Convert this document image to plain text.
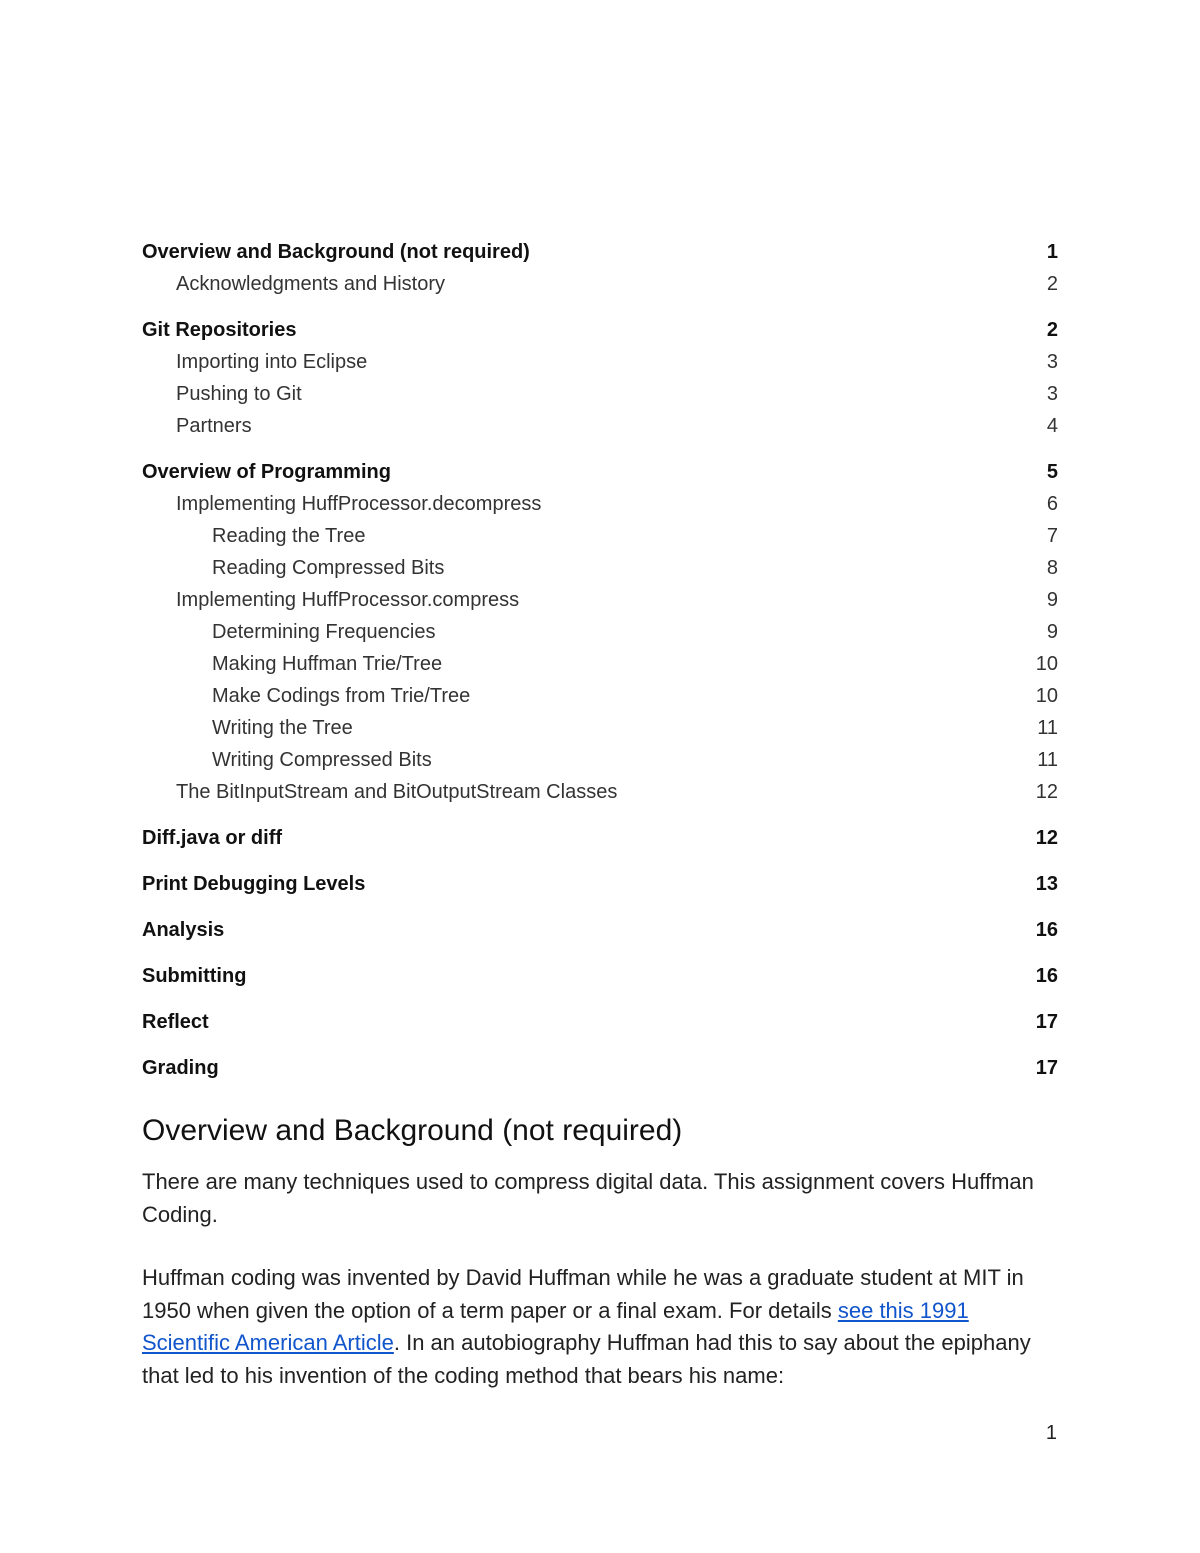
Overview and Background (not required)	1
Acknowledgments and History	2
Git Repositories	2
Importing into Eclipse	3
Pushing to Git	3
Partners	4
Overview of Programming	5
Implementing HuffProcessor.decompress	6
Reading the Tree	7
Reading Compressed Bits	8
Implementing HuffProcessor.compress	9
Determining Frequencies	9
Making Huffman Trie/Tree	10
Make Codings from Trie/Tree	10
Writing the Tree	11
Writing Compressed Bits	11
The BitInputStream and BitOutputStream Classes	12
Diff.java or diff	12
Print Debugging Levels	13
Analysis	16
Submitting	16
Reflect	17
Grading	17
Overview and Background (not required)

There are many techniques used to compress digital data. This assignment covers Huffman Coding.

Huffman coding was invented by David Huffman while he was a graduate student at MIT in 1950 when given the option of a term paper or a final exam. For details see this 1991 Scientific American Article. In an autobiography Huffman had this to say about the epiphany that led to his invention of the coding method that bears his name:

1
